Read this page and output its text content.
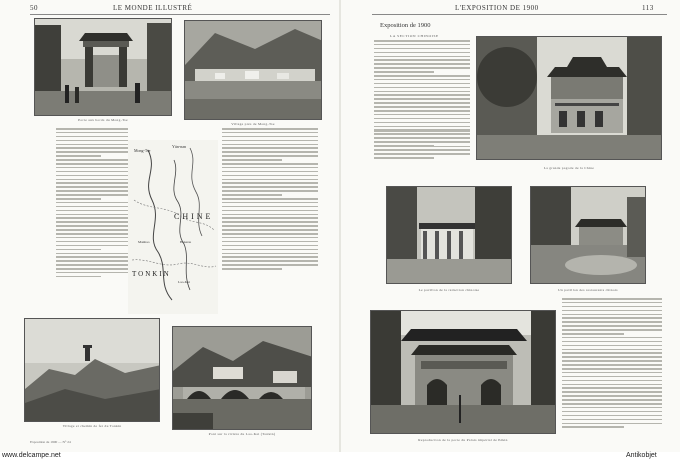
50	LE MONDE ILLUSTRÉ
Porte aux bords du Mong-Tse
Village près de Mong-Tse
Mong-Tse
Yün-nan
CHINE
TONKIN
Lao-Kai
Hokéou
Manhao
Village et chemin de fer du Tonkin
Pont sur la rivière du Lao-Kai (Tonkin)
Exposition de 1900 — N° 24
L'EXPOSITION DE 1900	113
Exposition de 1900
LA SECTION CHINOISE
La grande pagode de la Chine
Le pavillon de la rédaction chinoise	Un pavillon des restaurants chinois
Reproduction de la porte du Palais impérial de Pékin
www.delcampe.net	Antikobjet
